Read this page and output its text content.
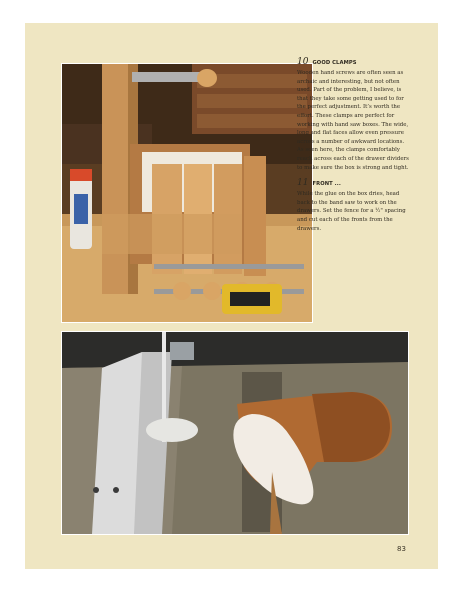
10 GOOD CLAMPS

Wooden hand screws are often seen as archaic and interesting, but not often used. Part of the problem, I believe, is that they take some getting used to for the perfect adjustment. It’s worth the effort. These clamps are perfect for working with hand saw boxes. The wide, long and flat faces allow even pressure across a number of awkward locations. As seen here, the clamps comfortably reach across each of the drawer dividers to make sure the box is strong and tight.

11 FRONT ...

While the glue on the box dries, head back to the band saw to work on the drawers. Set the fence for a ½" spacing and cut each of the fronts from the drawers.

83
